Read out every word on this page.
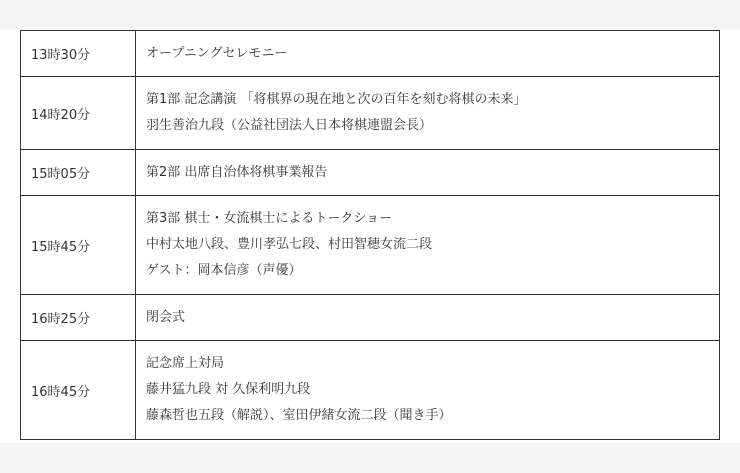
13時30分	オープニングセレモニー

14時20分	第1部 記念講演 「将棋界の現在地と次の百年を刻む将棋の未来」
羽生善治九段（公益社団法人日本将棋連盟会長）

15時05分	第2部 出席自治体将棋事業報告

15時45分	第3部 棋士・女流棋士によるトークショー
中村太地八段、豊川孝弘七段、村田智穂女流二段
ゲスト：岡本信彦（声優）

16時25分	閉会式

16時45分	記念席上対局
藤井猛九段 対 久保利明九段
藤森哲也五段（解説）、室田伊緒女流二段（聞き手）
